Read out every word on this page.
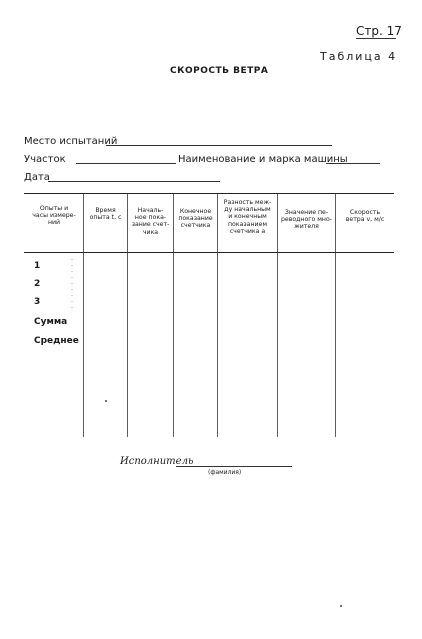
Стр. 17
Таблица 4
СКОРОСТЬ ВЕТРА
Место испытаний
Участок	Наименование и марка машины
Дата
Опыты и
часы измере-
ний
Время
опыта t, с
Началь-
ное пока-
зание счет-
чика
Конечное
показание
счетчика
Разность меж-
ду начальным
и конечным
показанием
счетчика a
Значение пе-
реводного мно-
жителя
Скорость
ветра v, м/с
1
2
3
Сумма
Среднее
Исполнитель
(фамилия)
